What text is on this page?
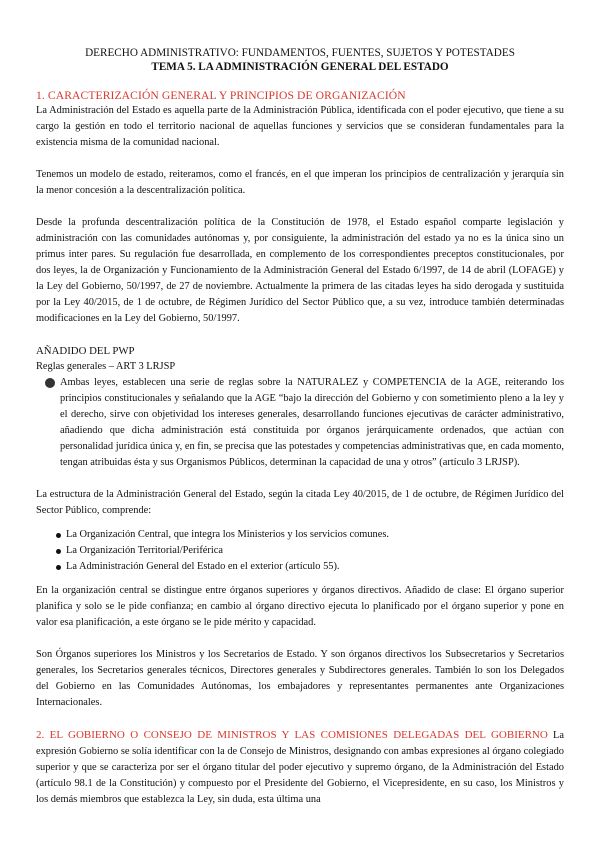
DERECHO ADMINISTRATIVO: FUNDAMENTOS, FUENTES, SUJETOS Y POTESTADES
TEMA 5. LA ADMINISTRACIÓN GENERAL DEL ESTADO
1. CARACTERIZACIÓN GENERAL Y PRINCIPIOS DE ORGANIZACIÓN

La Administración del Estado es aquella parte de la Administración Pública, identificada con el poder ejecutivo, que tiene a su cargo la gestión en todo el territorio nacional de aquellas funciones y servicios que se consideran fundamentales para la existencia misma de la comunidad nacional.

Tenemos un modelo de estado, reiteramos, como el francés, en el que imperan los principios de centralización y jerarquía sin la menor concesión a la descentralización política.

Desde la profunda descentralización política de la Constitución de 1978, el Estado español comparte legislación y administración con las comunidades autónomas y, por consiguiente, la administración del estado ya no es la única sino un primus inter pares. Su regulación fue desarrollada, en complemento de los correspondientes preceptos constitucionales, por dos leyes, la de Organización y Funcionamiento de la Administración General del Estado 6/1997, de 14 de abril (LOFAGE) y la Ley del Gobierno, 50/1997, de 27 de noviembre. Actualmente la primera de las citadas leyes ha sido derogada y sustituida por la Ley 40/2015, de 1 de octubre, de Régimen Jurídico del Sector Público que, a su vez, introduce también determinadas modificaciones en la Ley del Gobierno, 50/1997.

AÑADIDO DEL PWP
Reglas generales – ART 3 LRJSP

Ambas leyes, establecen una serie de reglas sobre la NATURALEZ y COMPETENCIA de la AGE, reiterando los principios constitucionales y señalando que la AGE “bajo la dirección del Gobierno y con sometimiento pleno a la ley y el derecho, sirve con objetividad los intereses generales, desarrollando funciones ejecutivas de carácter administrativo, añadiendo que dicha administración está constituida por órganos jerárquicamente ordenados, que actúan con personalidad jurídica única y, en fin, se precisa que las potestades y competencias administrativas que, en cada momento, tengan atribuidas ésta y sus Organismos Públicos, determinan la capacidad de una y otros” (artículo 3 LRJSP).

La estructura de la Administración General del Estado, según la citada Ley 40/2015, de 1 de octubre, de Régimen Jurídico del Sector Público, comprende:

La Organización Central, que integra los Ministerios y los servicios comunes.
La Organización Territorial/Periférica
La Administración General del Estado en el exterior (artículo 55).

En la organización central se distingue entre órganos superiores y órganos directivos. Añadido de clase: El órgano superior planifica y solo se le pide confianza; en cambio al órgano directivo ejecuta lo planificado por el órgano superior y pone en valor esa planificación, a este órgano se le pide mérito y capacidad.

Son Órganos superiores los Ministros y los Secretarios de Estado. Y son órganos directivos los Subsecretarios y Secretarios generales, los Secretarios generales técnicos, Directores generales y Subdirectores generales. También lo son los Delegados del Gobierno en las Comunidades Autónomas, los embajadores y representantes permanentes ante Organizaciones Internacionales.

2. EL GOBIERNO O CONSEJO DE MINISTROS Y LAS COMISIONES DELEGADAS DEL GOBIERNO La expresión Gobierno se solía identificar con la de Consejo de Ministros, designando con ambas expresiones al órgano colegiado superior y que se caracteriza por ser el órgano titular del poder ejecutivo y supremo órgano, de la Administración del Estado (artículo 98.1 de la Constitución) y compuesto por el Presidente del Gobierno, el Vicepresidente, en su caso, los Ministros y los demás miembros que establezca la Ley, sin duda, esta última una
